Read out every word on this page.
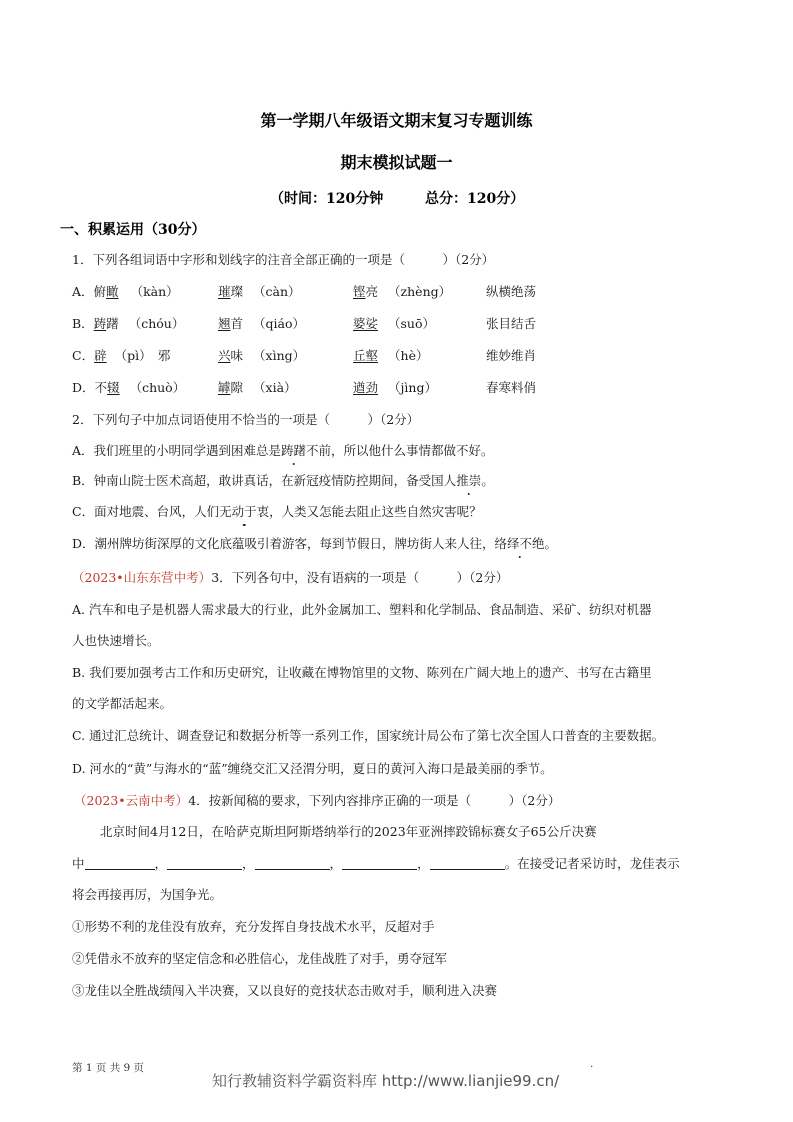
第一学期八年级语文期末复习专题训练
期末模拟试题一
（时间：120分钟	总分：120分）
一、积累运用（30分）
1．下列各组词语中字形和划线字的注音全部正确的一项是（　　　）（2分）
A．俯瞰 （kàn）	璀璨 （càn）	铿亮 （zhèng）	纵横绝荡
B．踌躇 （chóu）	翘首 （qiáo）	婆娑 （suō）	张目结舌
C．辟 （pì）　邪	兴味 （xìng）	丘壑 （hè）	维妙维肖
D．不辍 （chuò）	罅隙 （xià）	遒劲 （jìng）	春寒料俏
2．下列句子中加点词语使用不恰当的一项是（　　　）（2分）
A．我们班里的小明同学遇到困难总是踌躇不前，所以他什么事情都做不好。
B．钟南山院士医术高超，敢讲真话，在新冠疫情防控期间，备受国人推崇。
C．面对地震、台风，人们无动于衷，人类又怎能去阻止这些自然灾害呢？
D．潮州牌坊街深厚的文化底蕴吸引着游客，每到节假日，牌坊街人来人往，络绎不绝。
（2023•山东东营中考）3．下列各句中，没有语病的一项是（　　　）（2分）
A. 汽车和电子是机器人需求最大的行业，此外金属加工、塑料和化学制品、食品制造、采矿、纺织对机器
人也快速增长。
B. 我们要加强考古工作和历史研究，让收藏在博物馆里的文物、陈列在广阔大地上的遗产、书写在古籍里
的文学都活起来。
C. 通过汇总统计、调查登记和数据分析等一系列工作，国家统计局公布了第七次全国人口普查的主要数据。
D. 河水的“黄”与海水的“蓝”缠绕交汇又泾渭分明，夏日的黄河入海口是最美丽的季节。
（2023•云南中考）4．按新闻稿的要求，下列内容排序正确的一项是（　　　）（2分）
北京时间4月12日，在哈萨克斯坦阿斯塔纳举行的2023年亚洲摔跤锦标赛女子65公斤决赛
中	，	，	，	，	。在接受记者采访时，龙佳表示
将会再接再厉，为国争光。
①形势不利的龙佳没有放弃，充分发挥自身技战术水平，反超对手
②凭借永不放弃的坚定信念和必胜信心，龙佳战胜了对手，勇夺冠军
③龙佳以全胜战绩闯入半决赛，又以良好的竞技状态击败对手，顺利进入决赛
第 1 页 共 9 页
知行教辅资料学霸资料库 http://www.lianjie99.cn/
.
